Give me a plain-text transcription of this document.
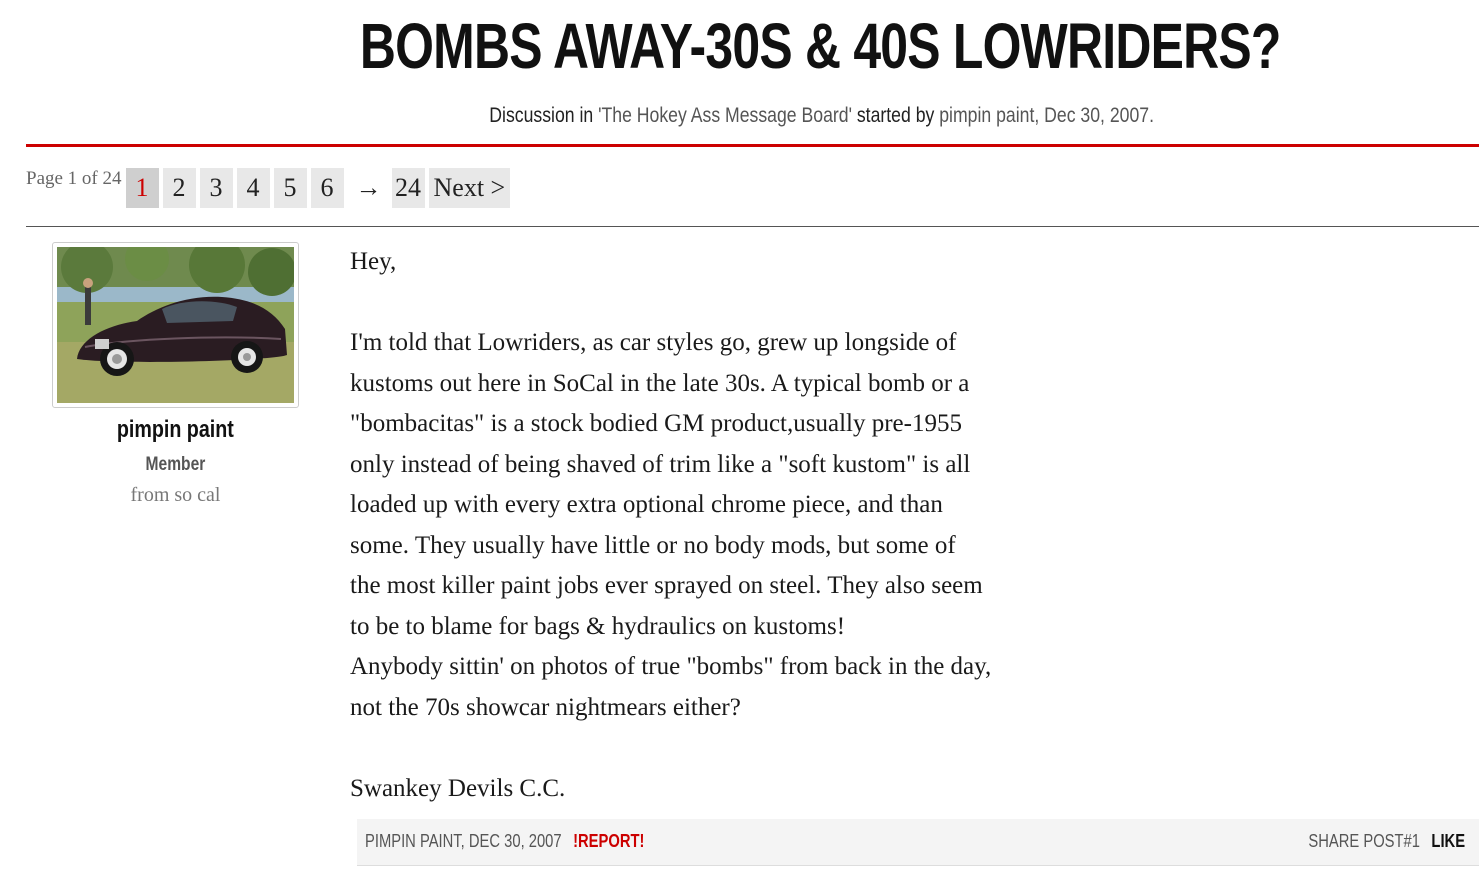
BOMBS AWAY-30S & 40S LOWRIDERS?
Discussion in 'The Hokey Ass Message Board' started by pimpin paint, Dec 30, 2007.
Page 1 of 24 1 2 3 4 5 6 → 24 Next >
pimpin paint
Member
from so cal
Hey,
I'm told that Lowriders, as car styles go, grew up longside of
kustoms out here in SoCal in the late 30s. A typical bomb or a
"bombacitas" is a stock bodied GM product,usually pre-1955
only instead of being shaved of trim like a "soft kustom" is all
loaded up with every extra optional chrome piece, and than
some. They usually have little or no body mods, but some of
the most killer paint jobs ever sprayed on steel. They also seem
to be to blame for bags & hydraulics on kustoms!
Anybody sittin' on photos of true "bombs" from back in the day,
not the 70s showcar nightmears either?
Swankey Devils C.C.
PIMPIN PAINT, DEC 30, 2007 !REPORT!	SHARE POST#1 LIKE
